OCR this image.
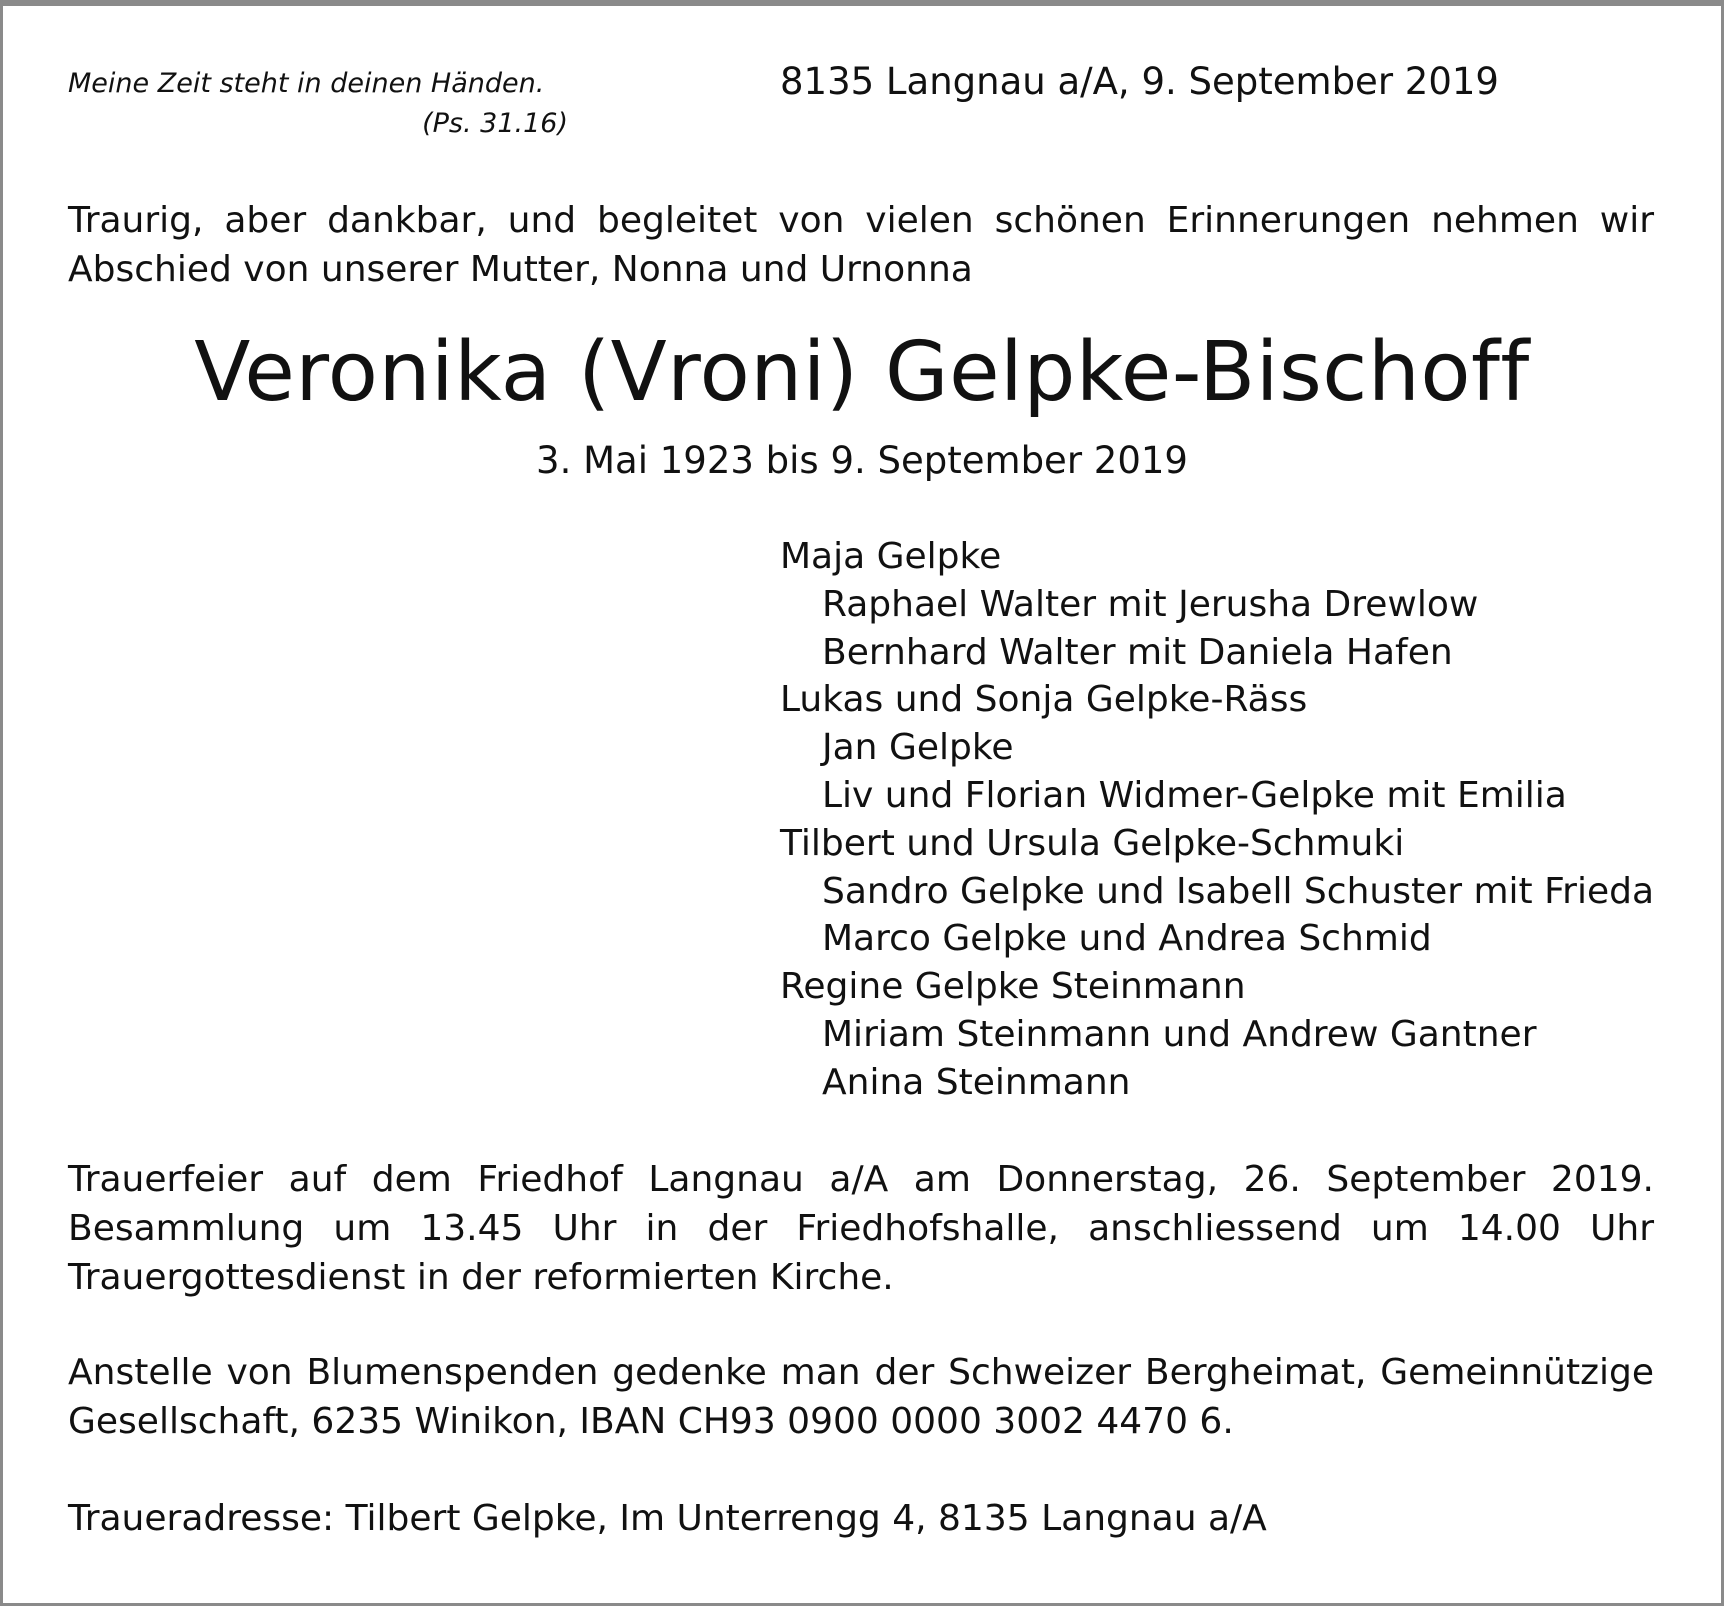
Meine Zeit steht in deinen Händen.
(Ps. 31.16)
8135 Langnau a/A, 9. September 2019
Traurig, aber dankbar, und begleitet von vielen schönen Erinnerungen nehmen wir
Abschied von unserer Mutter, Nonna und Urnonna
Veronika (Vroni) Gelpke-Bischoff
3. Mai 1923 bis 9. September 2019
Maja Gelpke
Raphael Walter mit Jerusha Drewlow
Bernhard Walter mit Daniela Hafen
Lukas und Sonja Gelpke-Räss
Jan Gelpke
Liv und Florian Widmer-Gelpke mit Emilia
Tilbert und Ursula Gelpke-Schmuki
Sandro Gelpke und Isabell Schuster mit Frieda
Marco Gelpke und Andrea Schmid
Regine Gelpke Steinmann
Miriam Steinmann und Andrew Gantner
Anina Steinmann
Trauerfeier auf dem Friedhof Langnau a/A am Donnerstag, 26. September 2019.
Besammlung um 13.45 Uhr in der Friedhofshalle, anschliessend um 14.00 Uhr
Trauergottesdienst in der reformierten Kirche.
Anstelle von Blumenspenden gedenke man der Schweizer Bergheimat, Gemeinnützige
Gesellschaft, 6235 Winikon, IBAN CH93 0900 0000 3002 4470 6.
Traueradresse: Tilbert Gelpke, Im Unterrengg 4, 8135 Langnau a/A
